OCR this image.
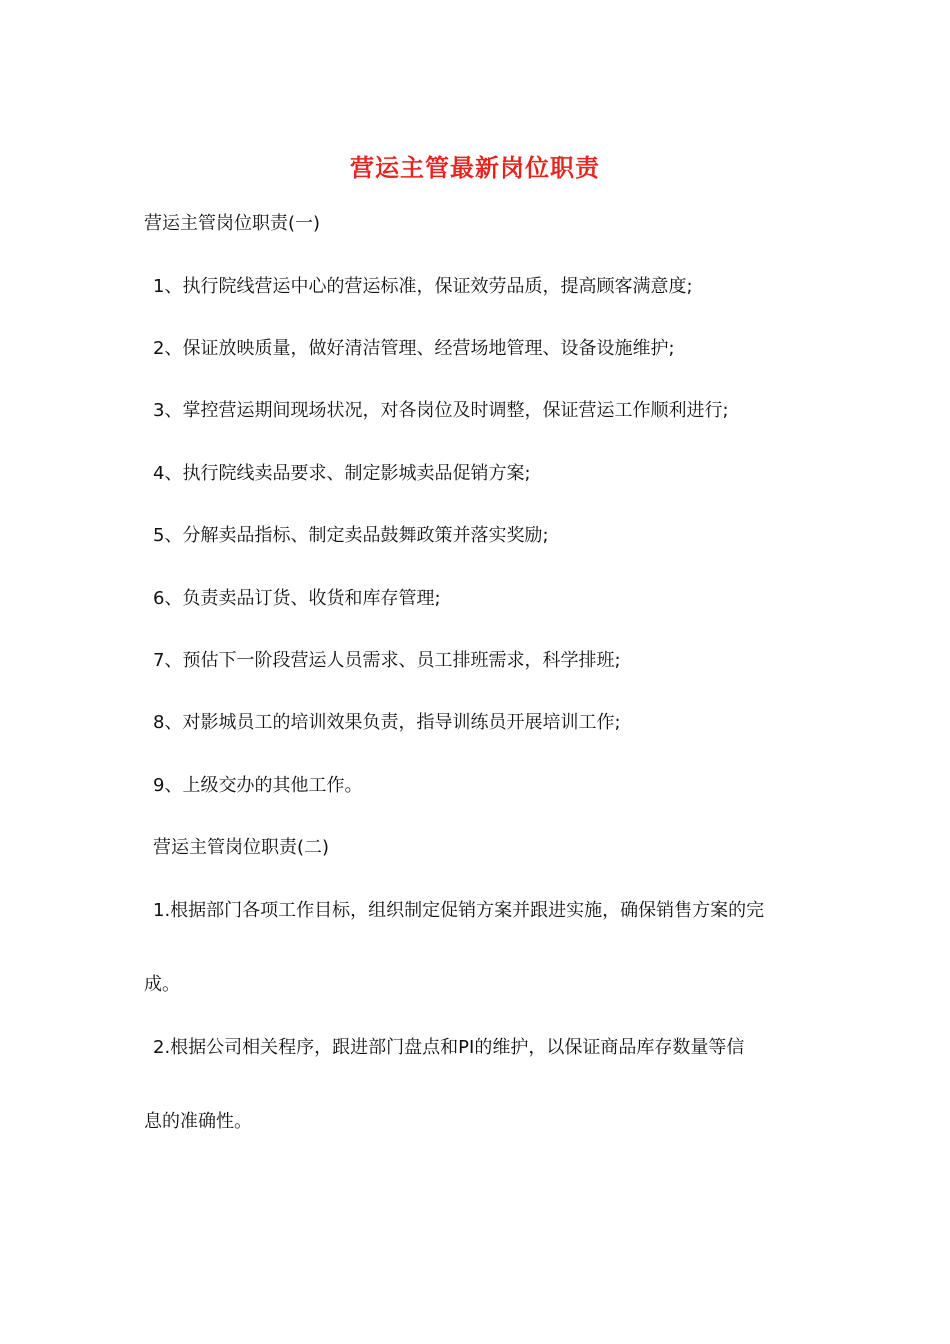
营运主管最新岗位职责
营运主管岗位职责(一)
1、执行院线营运中心的营运标准，保证效劳品质，提高顾客满意度;
2、保证放映质量，做好清洁管理、经营场地管理、设备设施维护;
3、掌控营运期间现场状况，对各岗位及时调整，保证营运工作顺利进行;
4、执行院线卖品要求、制定影城卖品促销方案;
5、分解卖品指标、制定卖品鼓舞政策并落实奖励;
6、负责卖品订货、收货和库存管理;
7、预估下一阶段营运人员需求、员工排班需求，科学排班;
8、对影城员工的培训效果负责，指导训练员开展培训工作;
9、上级交办的其他工作。
营运主管岗位职责(二)
1.根据部门各项工作目标，组织制定促销方案并跟进实施，确保销售方案的完
成。
2.根据公司相关程序，跟进部门盘点和PI的维护，以保证商品库存数量等信
息的准确性。
